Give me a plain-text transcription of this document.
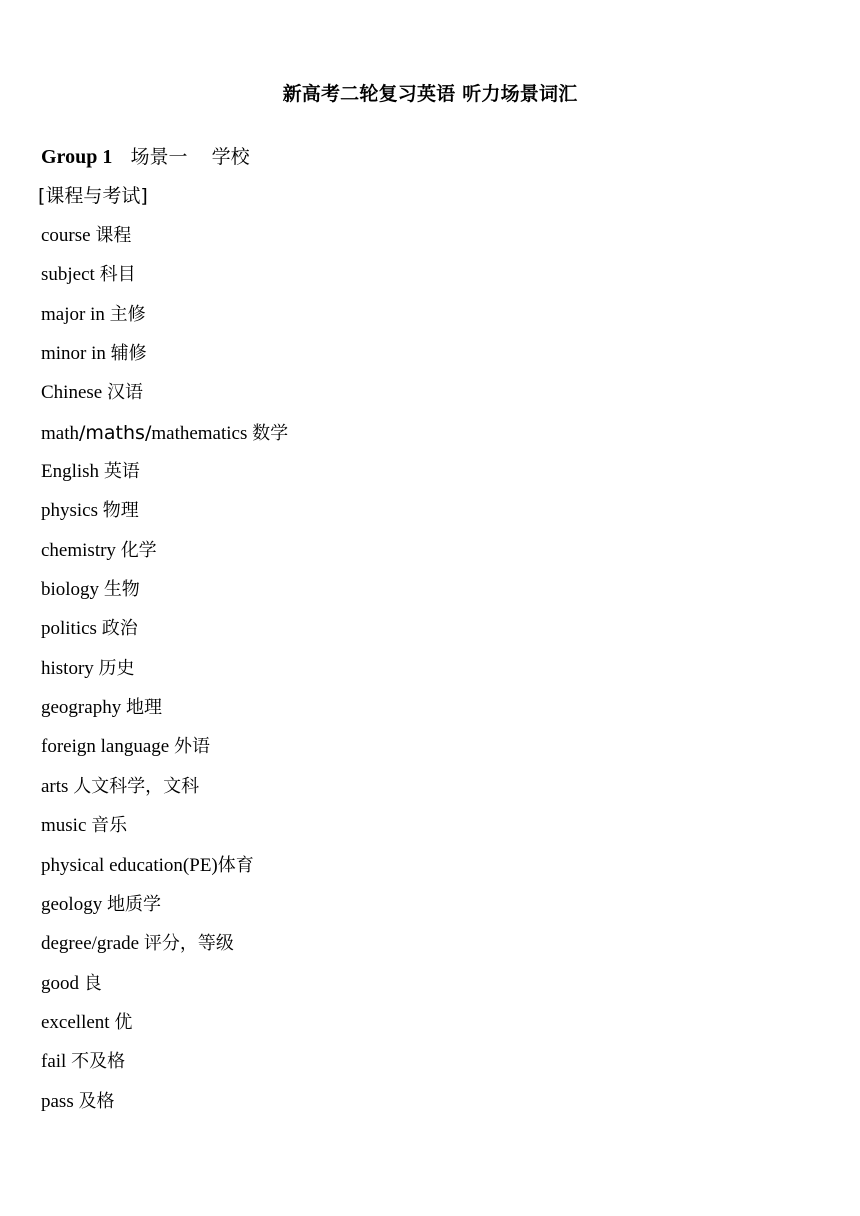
新高考二轮复习英语 听力场景词汇
Group 1   场景一    学校
[课程与考试]
course 课程
subject 科目
major in 主修
minor in 辅修
Chinese 汉语
math/maths/mathematics 数学
English 英语
physics 物理
chemistry 化学
biology 生物
politics 政治
history 历史
geography 地理
foreign language 外语
arts 人文科学，文科
music 音乐
physical education(PE)体育
geology 地质学
degree/grade 评分，等级
good 良
excellent 优
fail 不及格
pass 及格
